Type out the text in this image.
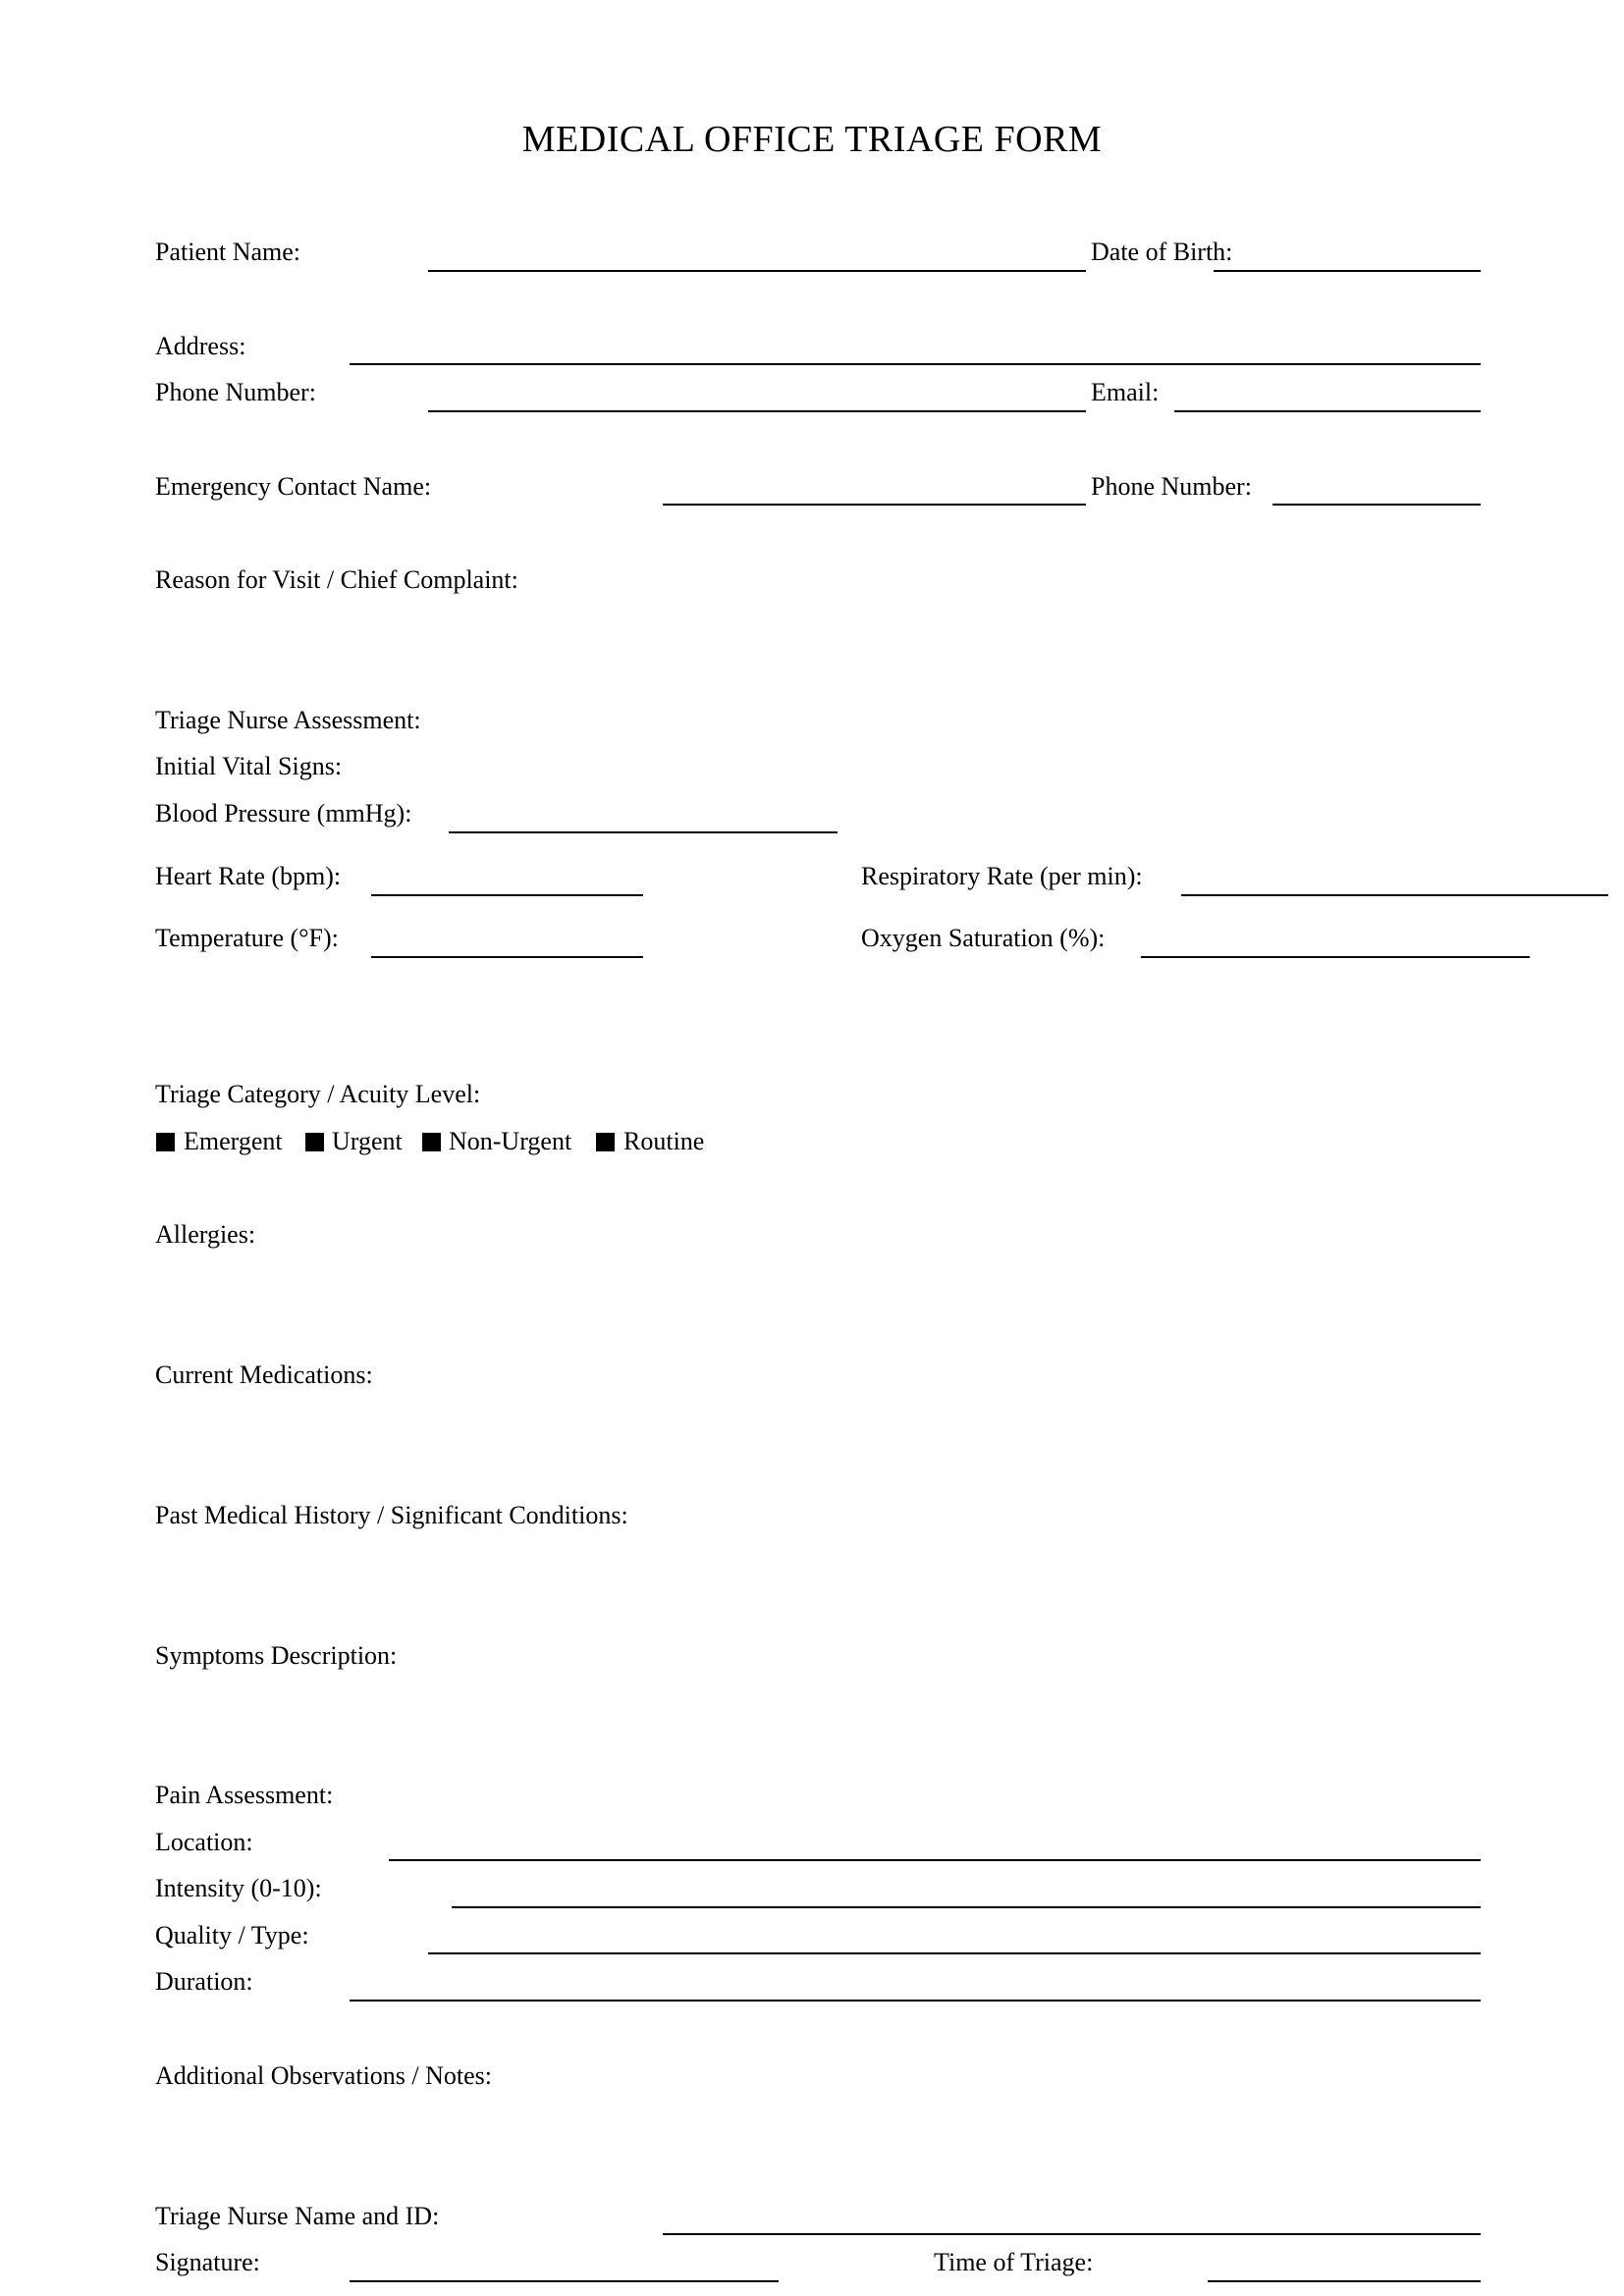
MEDICAL OFFICE TRIAGE FORM
Patient Name:	Date of Birth:
Address:
Phone Number:	Email:
Emergency Contact Name:	Phone Number:
Reason for Visit / Chief Complaint:
Triage Nurse Assessment:
Initial Vital Signs:
Blood Pressure (mmHg):
Heart Rate (bpm):	Respiratory Rate (per min):
Temperature (°F):	Oxygen Saturation (%):
Triage Category / Acuity Level:
Emergent Urgent Non-Urgent Routine
Allergies:
Current Medications:
Past Medical History / Significant Conditions:
Symptoms Description:
Pain Assessment:
Location:
Intensity (0-10):
Quality / Type:
Duration:
Additional Observations / Notes:
Triage Nurse Name and ID:
Signature:	Time of Triage:
